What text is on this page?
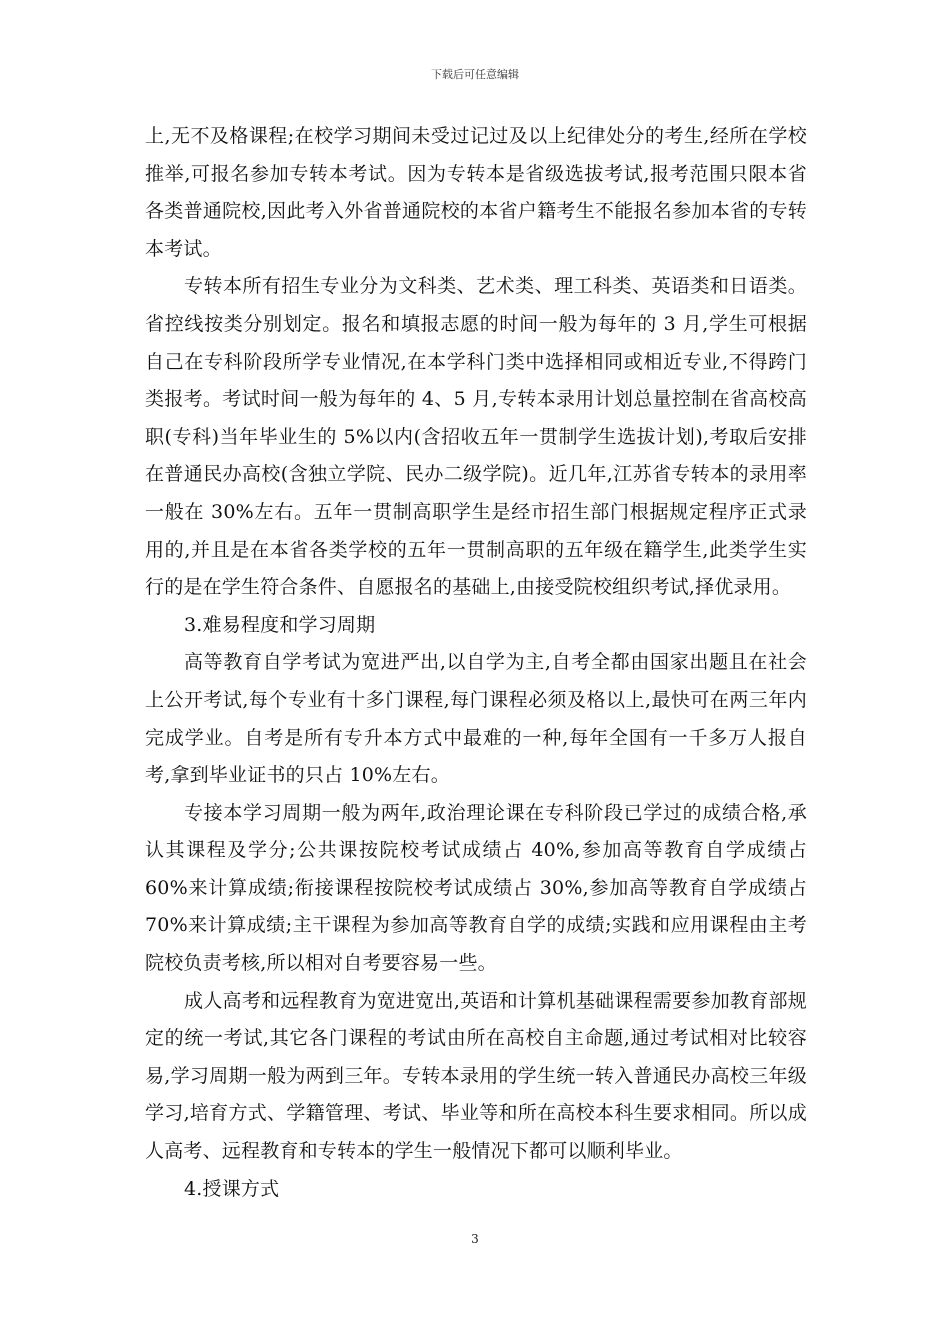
下载后可任意编辑

上,无不及格课程;在校学习期间未受过记过及以上纪律处分的考生,经所在学校推举,可报名参加专转本考试。因为专转本是省级选拔考试,报考范围只限本省各类普通院校,因此考入外省普通院校的本省户籍考生不能报名参加本省的专转本考试。

专转本所有招生专业分为文科类、艺术类、理工科类、英语类和日语类。省控线按类分别划定。报名和填报志愿的时间一般为每年的 3 月,学生可根据自己在专科阶段所学专业情况,在本学科门类中选择相同或相近专业,不得跨门类报考。考试时间一般为每年的 4、5 月,专转本录用计划总量控制在省高校高职(专科)当年毕业生的 5%以内(含招收五年一贯制学生选拔计划),考取后安排在普通民办高校(含独立学院、民办二级学院)。近几年,江苏省专转本的录用率一般在 30%左右。五年一贯制高职学生是经市招生部门根据规定程序正式录用的,并且是在本省各类学校的五年一贯制高职的五年级在籍学生,此类学生实行的是在学生符合条件、自愿报名的基础上,由接受院校组织考试,择优录用。

3.难易程度和学习周期

高等教育自学考试为宽进严出,以自学为主,自考全都由国家出题且在社会上公开考试,每个专业有十多门课程,每门课程必须及格以上,最快可在两三年内完成学业。自考是所有专升本方式中最难的一种,每年全国有一千多万人报自考,拿到毕业证书的只占 10%左右。

专接本学习周期一般为两年,政治理论课在专科阶段已学过的成绩合格,承认其课程及学分;公共课按院校考试成绩占 40%,参加高等教育自学成绩占 60%来计算成绩;衔接课程按院校考试成绩占 30%,参加高等教育自学成绩占 70%来计算成绩;主干课程为参加高等教育自学的成绩;实践和应用课程由主考院校负责考核,所以相对自考要容易一些。

成人高考和远程教育为宽进宽出,英语和计算机基础课程需要参加教育部规定的统一考试,其它各门课程的考试由所在高校自主命题,通过考试相对比较容易,学习周期一般为两到三年。专转本录用的学生统一转入普通民办高校三年级学习,培育方式、学籍管理、考试、毕业等和所在高校本科生要求相同。所以成人高考、远程教育和专转本的学生一般情况下都可以顺利毕业。

4.授课方式

3
